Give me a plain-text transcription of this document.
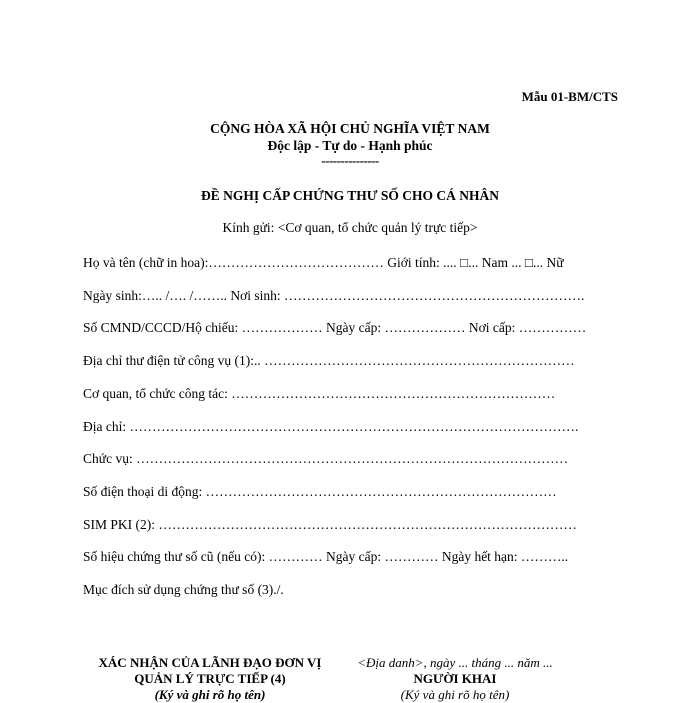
Mẫu 01-BM/CTS
CỘNG HÒA XÃ HỘI CHỦ NGHĨA VIỆT NAM
Độc lập - Tự do - Hạnh phúc
---------------
ĐỀ NGHỊ CẤP CHỨNG THƯ SỐ CHO CÁ NHÂN
Kính gửi: <Cơ quan, tổ chức quản lý trực tiếp>
Họ và tên (chữ in hoa):………………………………… Giới tính: .... □... Nam ... □... Nữ
Ngày sinh:….. /…. /…….. Nơi sinh: ………………………………………………………….
Số CMND/CCCD/Hộ chiếu: ……………… Ngày cấp: ……………… Nơi cấp: ……………
Địa chỉ thư điện tử công vụ (1):.. ……………………………………………………………
Cơ quan, tổ chức công tác: ………………………………………………………………
Địa chỉ: ……………………………………………………………………………………….
Chức vụ: ……………………………………………………………………………………
Số điện thoại di động: ……………………………………………………………………
SIM PKI (2): …………………………………………………………………………………
Số hiệu chứng thư số cũ (nếu có): ………… Ngày cấp: ………… Ngày hết hạn: ………..
Mục đích sử dụng chứng thư số (3)./.
XÁC NHẬN CỦA LÃNH ĐẠO ĐƠN VỊ
QUẢN LÝ TRỰC TIẾP (4)
(Ký và ghi rõ họ tên)
<Địa danh>, ngày ... tháng ... năm ...
NGƯỜI KHAI
(Ký và ghi rõ họ tên)
